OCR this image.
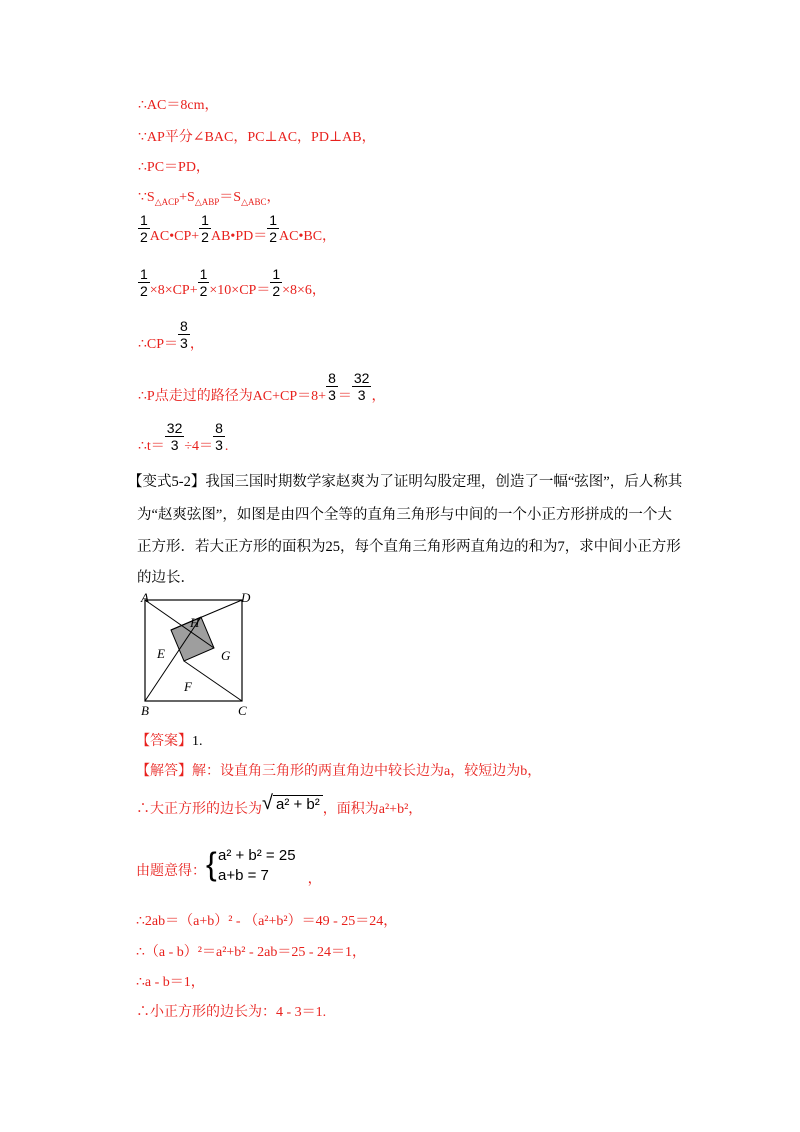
∴AC＝8cm，
∵AP平分∠BAC，PC⊥AC，PD⊥AB，
∴PC＝PD，
$\because S_{\triangle ACP}+S_{\triangle ABP}=S_{\triangle ABC}$，
$\frac{1}{2}$ AC•CP+ $\frac{1}{2}$ AB•PD＝ $\frac{1}{2}$ AC•BC，
$\frac{1}{2} \times 8\times CP+ \frac{1}{2} \times 10\times CP= \frac{1}{2} \times 8\times 6$，
∴CP＝ $\frac{8}{3}$ ，
∴P点走过的路径为$AC+CP=8+ \frac{8}{3} = \frac{32}{3}$ ，
∴t＝ $\frac{32}{3} \div 4= \frac{8}{3}$ .
【变式5-2】我国三国时期数学家赵爽为了证明勾股定理，创造了一幅“弦图”，后人称其
为“赵爽弦图”，如图是由四个全等的直角三角形与中间的一个小正方形拼成的一个大
正方形．若大正方形的面积为25，每个直角三角形两直角边的和为7，求中间小正方形
的边长．
A	D
B	C
H
E	G
F
【答案】1.
【解答】解：设直角三角形的两直角边中较长边为a，较短边为b，
∴大正方形的边长为√ a² + b² ，面积为a²+b²，
由题意得： { a² + b² = 25
a+b = 7	，
∴2ab＝（a+b）² - （a²+b²）＝49 - 25＝24，
∴（a - b）²＝a²+b² - 2ab＝25 - 24＝1，
∴a - b＝1，
∴小正方形的边长为：4 - 3＝1.
